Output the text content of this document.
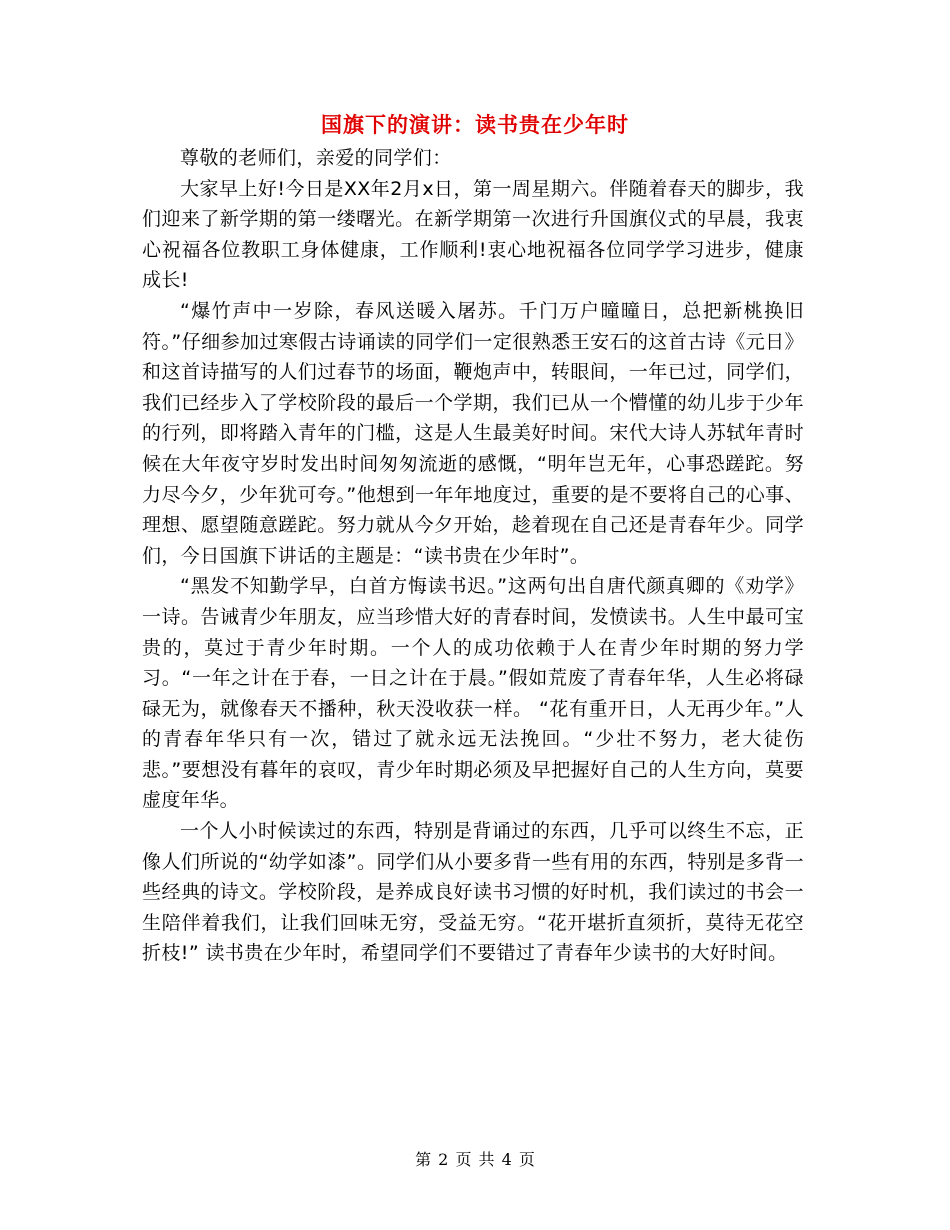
国旗下的演讲：读书贵在少年时

尊敬的老师们，亲爱的同学们：

大家早上好!今日是XX年2月x日，第一周星期六。伴随着春天的脚步，我们迎来了新学期的第一缕曙光。在新学期第一次进行升国旗仪式的早晨，我衷心祝福各位教职工身体健康，工作顺利!衷心地祝福各位同学学习进步，健康成长!

“爆竹声中一岁除，春风送暖入屠苏。千门万户曈曈日，总把新桃换旧符。”仔细参加过寒假古诗诵读的同学们一定很熟悉王安石的这首古诗《元日》和这首诗描写的人们过春节的场面，鞭炮声中，转眼间，一年已过，同学们，我们已经步入了学校阶段的最后一个学期，我们已从一个懵懂的幼儿步于少年的行列，即将踏入青年的门槛，这是人生最美好时间。宋代大诗人苏轼年青时候在大年夜守岁时发出时间匆匆流逝的感慨，“明年岂无年，心事恐蹉跎。努力尽今夕，少年犹可夸。”他想到一年年地度过，重要的是不要将自己的心事、理想、愿望随意蹉跎。努力就从今夕开始，趁着现在自己还是青春年少。同学们，今日国旗下讲话的主题是：“读书贵在少年时”。

“黑发不知勤学早，白首方悔读书迟。”这两句出自唐代颜真卿的《劝学》一诗。告诫青少年朋友，应当珍惜大好的青春时间，发愤读书。人生中最可宝贵的，莫过于青少年时期。一个人的成功依赖于人在青少年时期的努力学习。“一年之计在于春，一日之计在于晨。”假如荒废了青春年华，人生必将碌碌无为，就像春天不播种，秋天没收获一样。 “花有重开日，人无再少年。”人的青春年华只有一次，错过了就永远无法挽回。“少壮不努力，老大徒伤悲。”要想没有暮年的哀叹，青少年时期必须及早把握好自己的人生方向，莫要虚度年华。

一个人小时候读过的东西，特别是背诵过的东西，几乎可以终生不忘，正像人们所说的“幼学如漆”。同学们从小要多背一些有用的东西，特别是多背一些经典的诗文。学校阶段，是养成良好读书习惯的好时机，我们读过的书会一生陪伴着我们，让我们回味无穷，受益无穷。“花开堪折直须折，莫待无花空折枝!” 读书贵在少年时，希望同学们不要错过了青春年少读书的大好时间。

第 2 页 共 4 页
